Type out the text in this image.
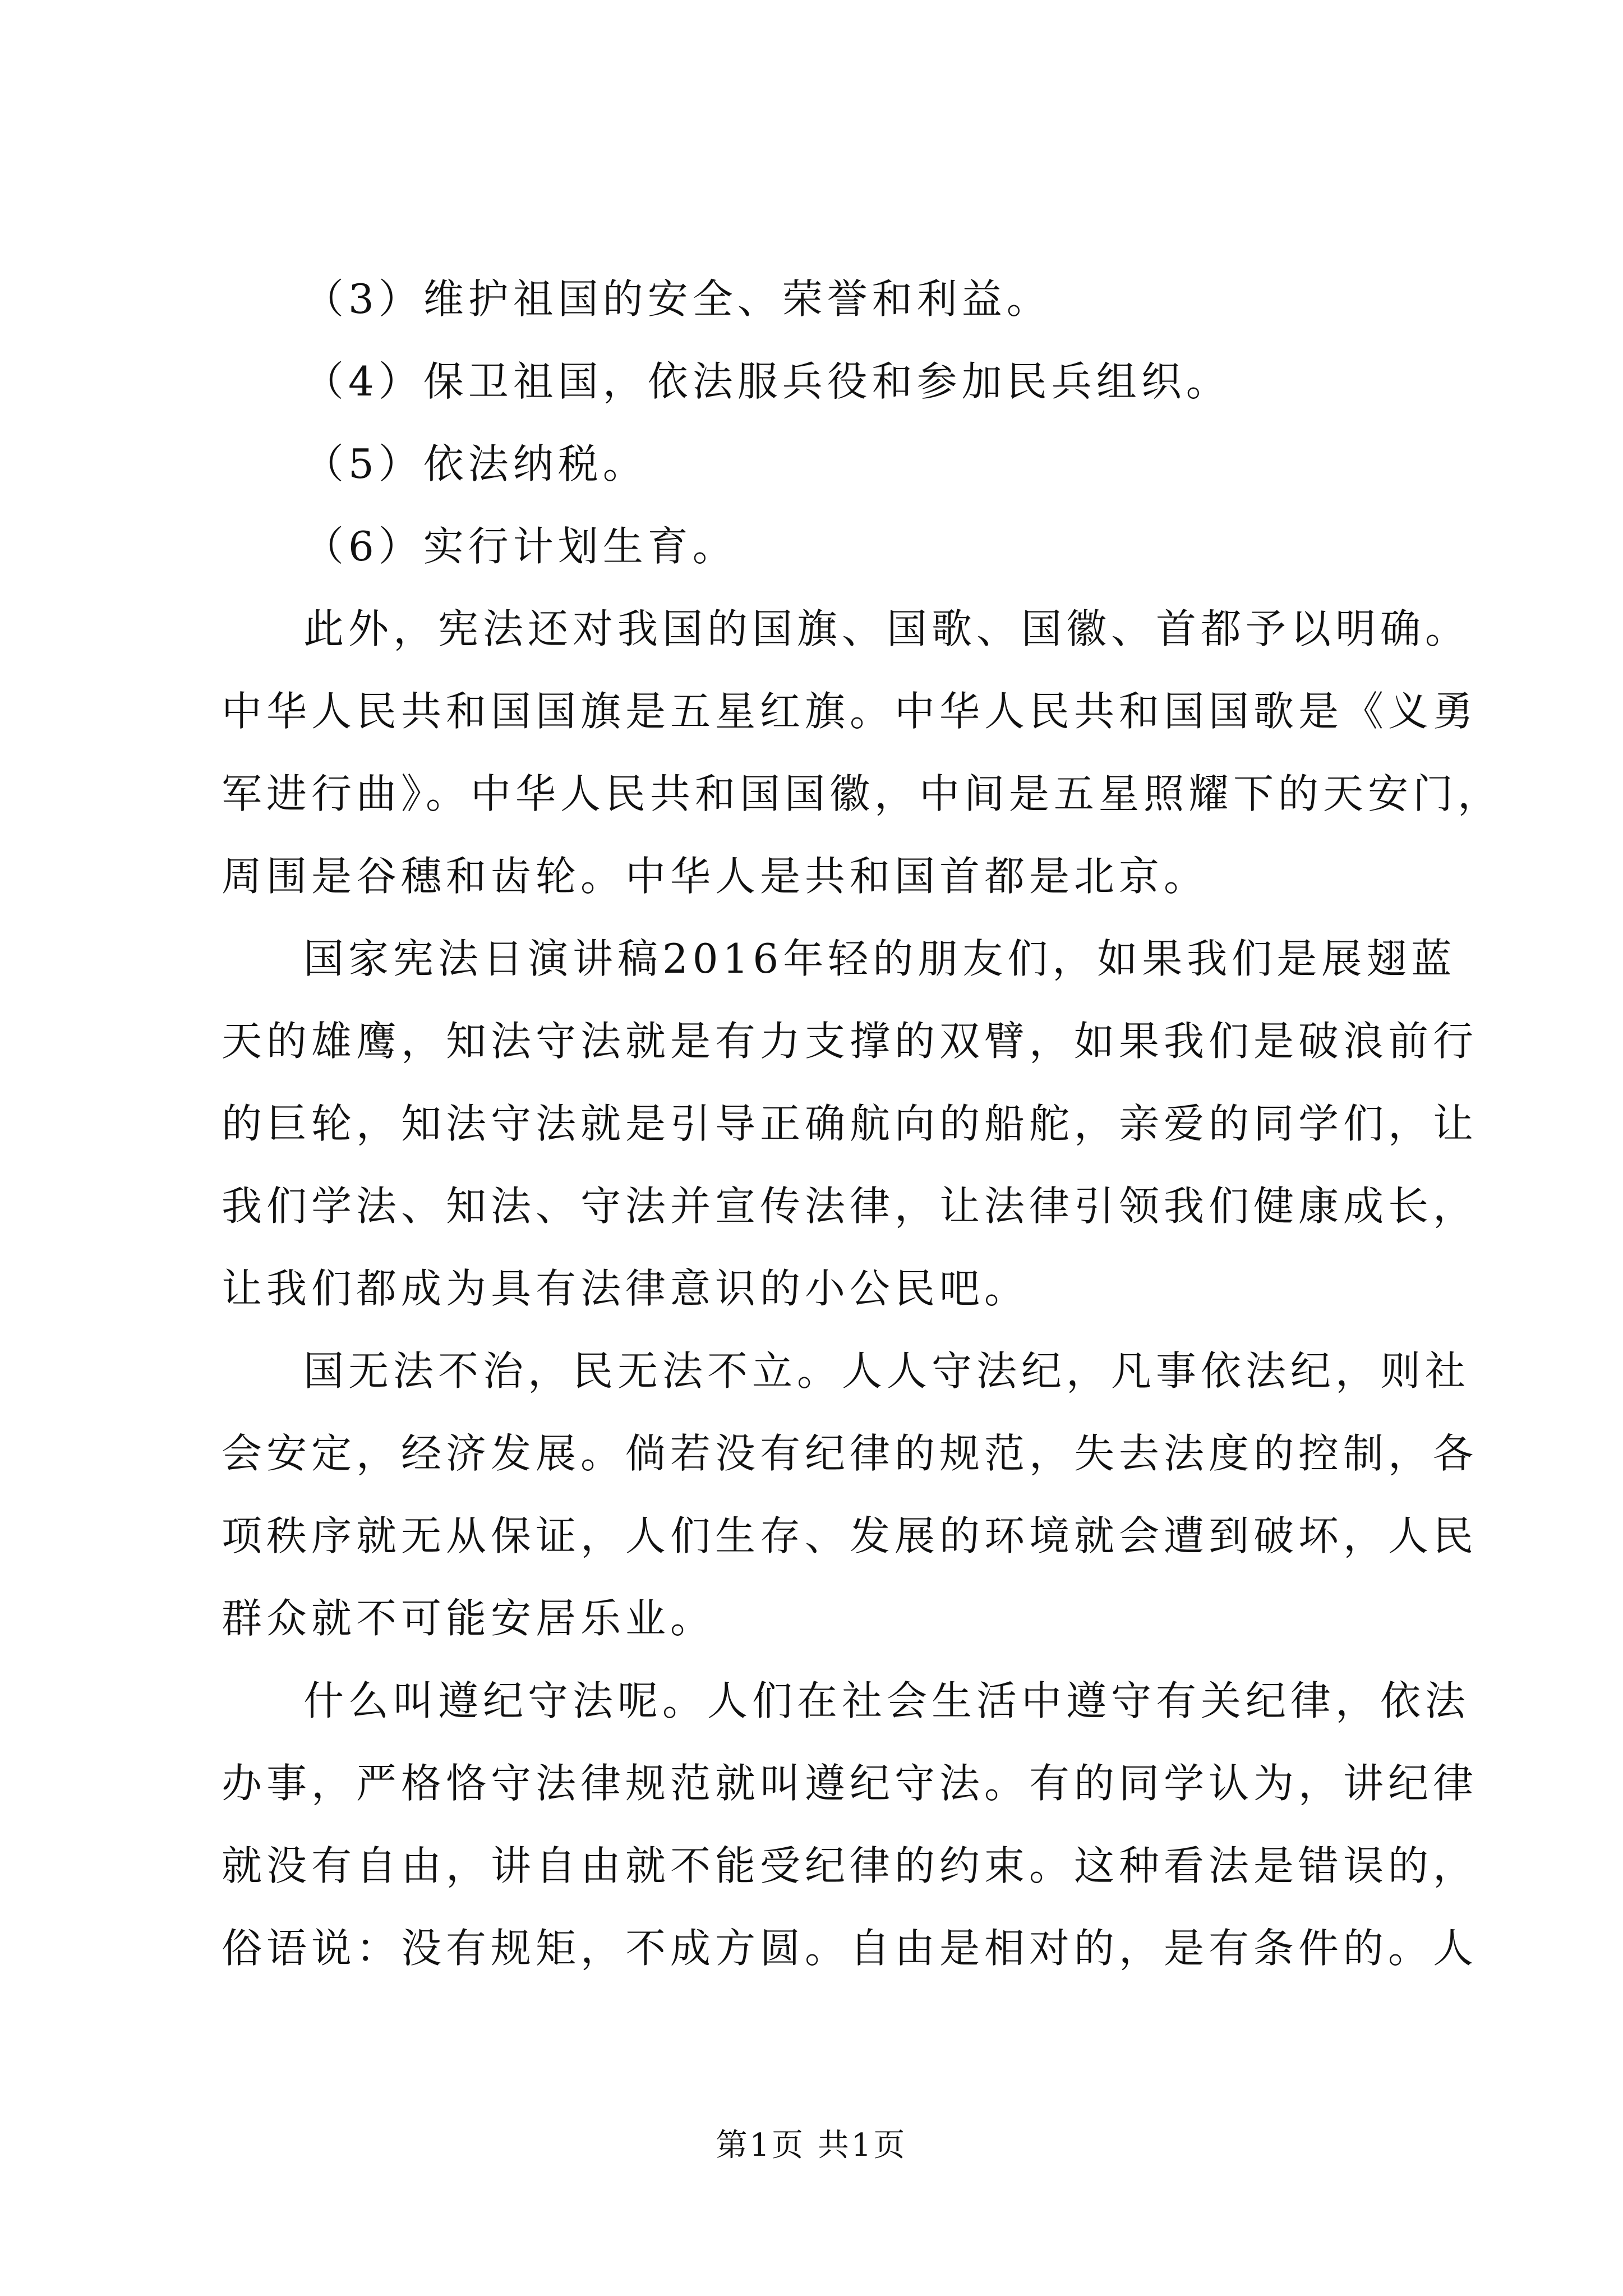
（3）维护祖国的安全、荣誉和利益。
（4）保卫祖国，依法服兵役和参加民兵组织。
（5）依法纳税。
（6）实行计划生育。
此外，宪法还对我国的国旗、国歌、国徽、首都予以明确。
中华人民共和国国旗是五星红旗。中华人民共和国国歌是《义勇
军进行曲》。中华人民共和国国徽，中间是五星照耀下的天安门，
周围是谷穗和齿轮。中华人是共和国首都是北京。
国家宪法日演讲稿2016年轻的朋友们，如果我们是展翅蓝
天的雄鹰，知法守法就是有力支撑的双臂，如果我们是破浪前行
的巨轮，知法守法就是引导正确航向的船舵，亲爱的同学们，让
我们学法、知法、守法并宣传法律，让法律引领我们健康成长，
让我们都成为具有法律意识的小公民吧。
国无法不治，民无法不立。人人守法纪，凡事依法纪，则社
会安定，经济发展。倘若没有纪律的规范，失去法度的控制，各
项秩序就无从保证，人们生存、发展的环境就会遭到破坏，人民
群众就不可能安居乐业。
什么叫遵纪守法呢。人们在社会生活中遵守有关纪律，依法
办事，严格恪守法律规范就叫遵纪守法。有的同学认为，讲纪律
就没有自由，讲自由就不能受纪律的约束。这种看法是错误的，
俗语说：没有规矩，不成方圆。自由是相对的，是有条件的。人
第1页 共1页
